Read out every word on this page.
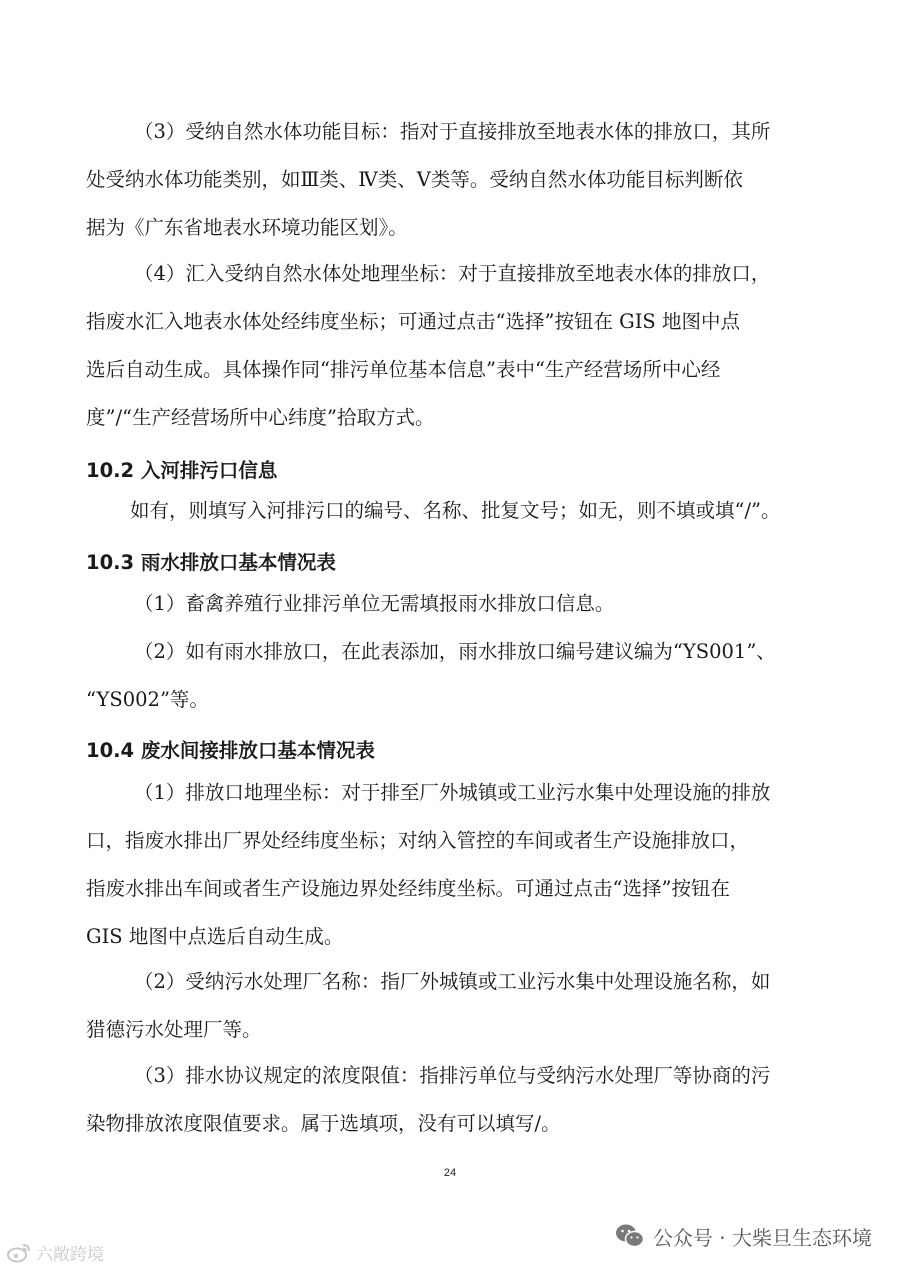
（3）受纳自然水体功能目标：指对于直接排放至地表水体的排放口，其所
处受纳水体功能类别，如Ⅲ类、Ⅳ类、Ⅴ类等。受纳自然水体功能目标判断依
据为《广东省地表水环境功能区划》。
（4）汇入受纳自然水体处地理坐标：对于直接排放至地表水体的排放口，
指废水汇入地表水体处经纬度坐标；可通过点击“选择”按钮在 GIS 地图中点
选后自动生成。具体操作同“排污单位基本信息”表中“生产经营场所中心经
度”/“生产经营场所中心纬度”拾取方式。
10.2 入河排污口信息
如有，则填写入河排污口的编号、名称、批复文号；如无，则不填或填“/”。
10.3 雨水排放口基本情况表
（1）畜禽养殖行业排污单位无需填报雨水排放口信息。
（2）如有雨水排放口，在此表添加，雨水排放口编号建议编为“YS001”、
“YS002”等。
10.4 废水间接排放口基本情况表
（1）排放口地理坐标：对于排至厂外城镇或工业污水集中处理设施的排放
口，指废水排出厂界处经纬度坐标；对纳入管控的车间或者生产设施排放口，
指废水排出车间或者生产设施边界处经纬度坐标。可通过点击“选择”按钮在
GIS 地图中点选后自动生成。
（2）受纳污水处理厂名称：指厂外城镇或工业污水集中处理设施名称，如
猎德污水处理厂等。
（3）排水协议规定的浓度限值：指排污单位与受纳污水处理厂等协商的污
染物排放浓度限值要求。属于选填项，没有可以填写/。
24
公众号 · 大柴旦生态环境
六敞跨境
